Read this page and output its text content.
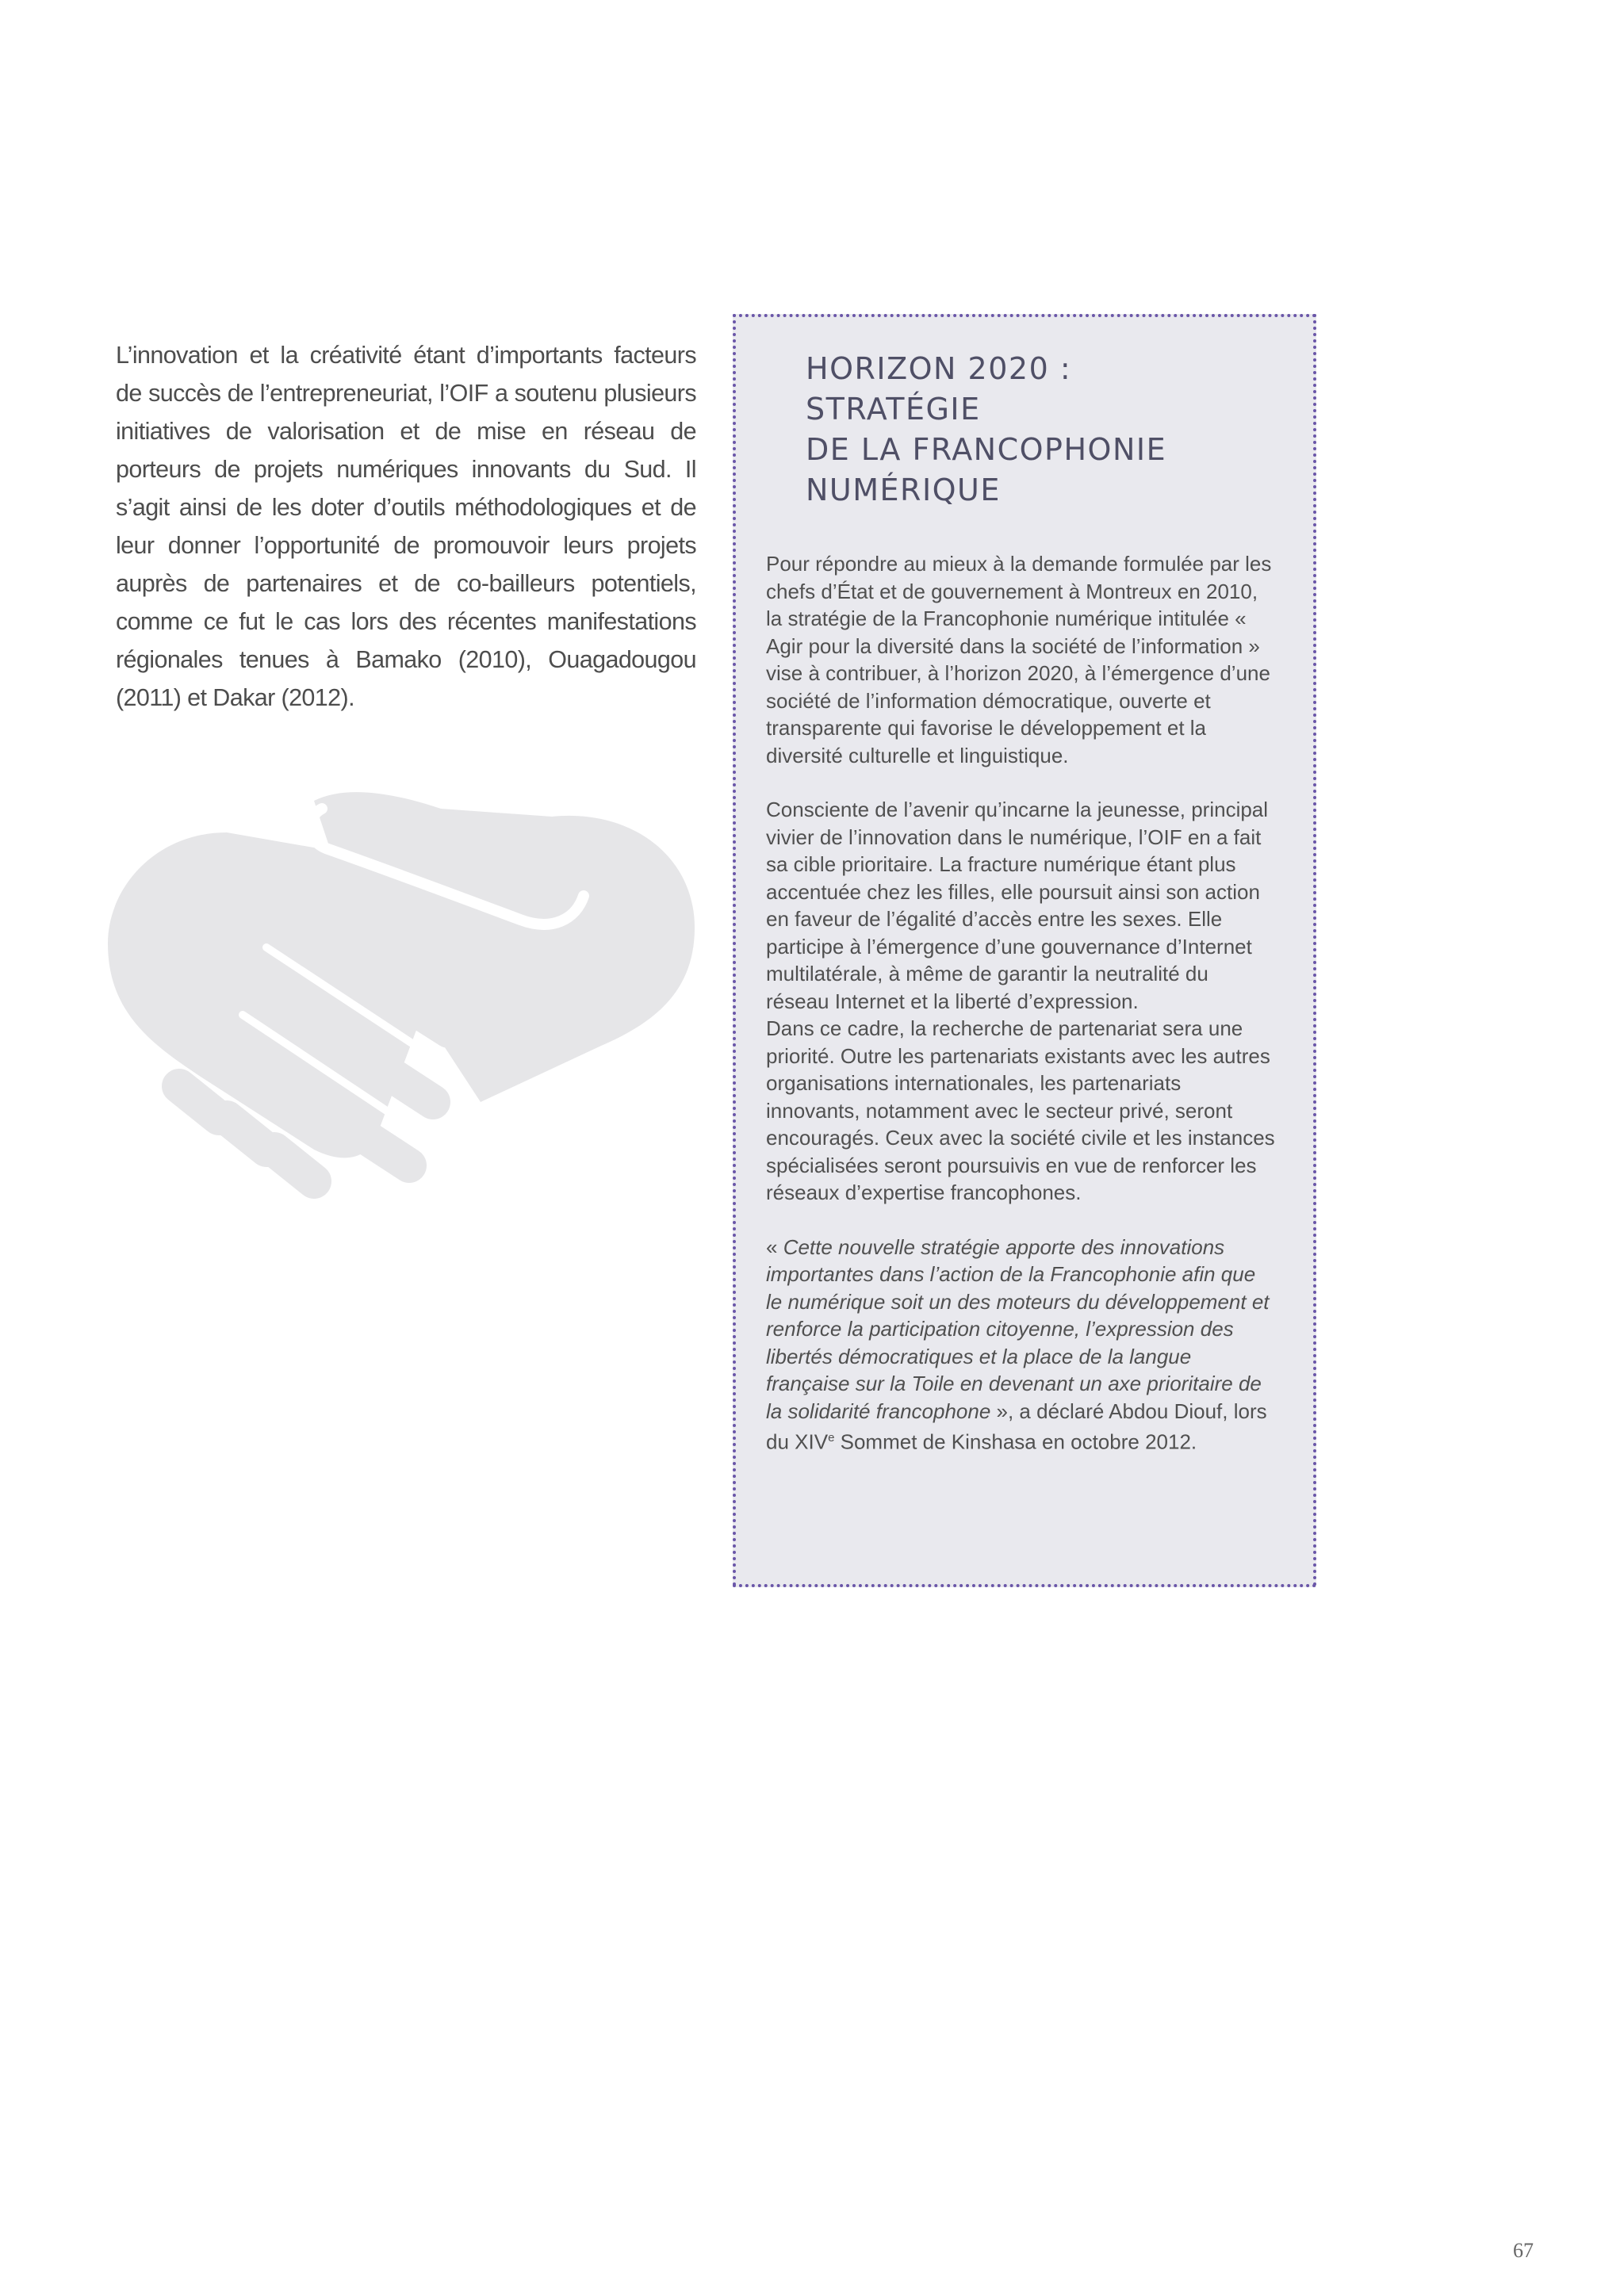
L’innovation et la créativité étant d’importants facteurs de succès de l’entrepreneuriat, l’OIF a soutenu plusieurs initiatives de valorisation et de mise en réseau de porteurs de projets numériques innovants du Sud. Il s’agit ainsi de les doter d’outils méthodologiques et de leur donner l’opportunité de promouvoir leurs projets auprès de partenaires et de co-bailleurs potentiels, comme ce fut le cas lors des récentes manifestations régionales tenues à Bamako (2010), Ouagadougou (2011) et Dakar (2012).

HORIZON 2020 :
STRATÉGIE
DE LA FRANCOPHONIE
NUMÉRIQUE

Pour répondre au mieux à la demande formulée par les chefs d’État et de gouvernement à Montreux en 2010, la stratégie de la Francophonie numérique intitulée « Agir pour la diversité dans la société de l’information » vise à contribuer, à l’horizon 2020, à l’émergence d’une société de l’information démocratique, ouverte et transparente qui favorise le développement et la diversité culturelle et linguistique.

Consciente de l’avenir qu’incarne la jeunesse, principal vivier de l’innovation dans le numérique, l’OIF en a fait sa cible prioritaire. La fracture numérique étant plus accentuée chez les filles, elle poursuit ainsi son action en faveur de l’égalité d’accès entre les sexes. Elle participe à l’émergence d’une gouvernance d’Internet multilatérale, à même de garantir la neutralité du réseau Internet et la liberté d’expression.
Dans ce cadre, la recherche de partenariat sera une priorité. Outre les partenariats existants avec les autres organisations internationales, les partenariats innovants, notamment avec le secteur privé, seront encouragés. Ceux avec la société civile et les instances spécialisées seront poursuivis en vue de renforcer les réseaux d’expertise francophones.

« Cette nouvelle stratégie apporte des innovations importantes dans l’action de la Francophonie afin que le numérique soit un des moteurs du développement et renforce la participation citoyenne, l’expression des libertés démocratiques et la place de la langue française sur la Toile en devenant un axe prioritaire de la solidarité francophone », a déclaré Abdou Diouf, lors du XIVe Sommet de Kinshasa en octobre 2012.

67
